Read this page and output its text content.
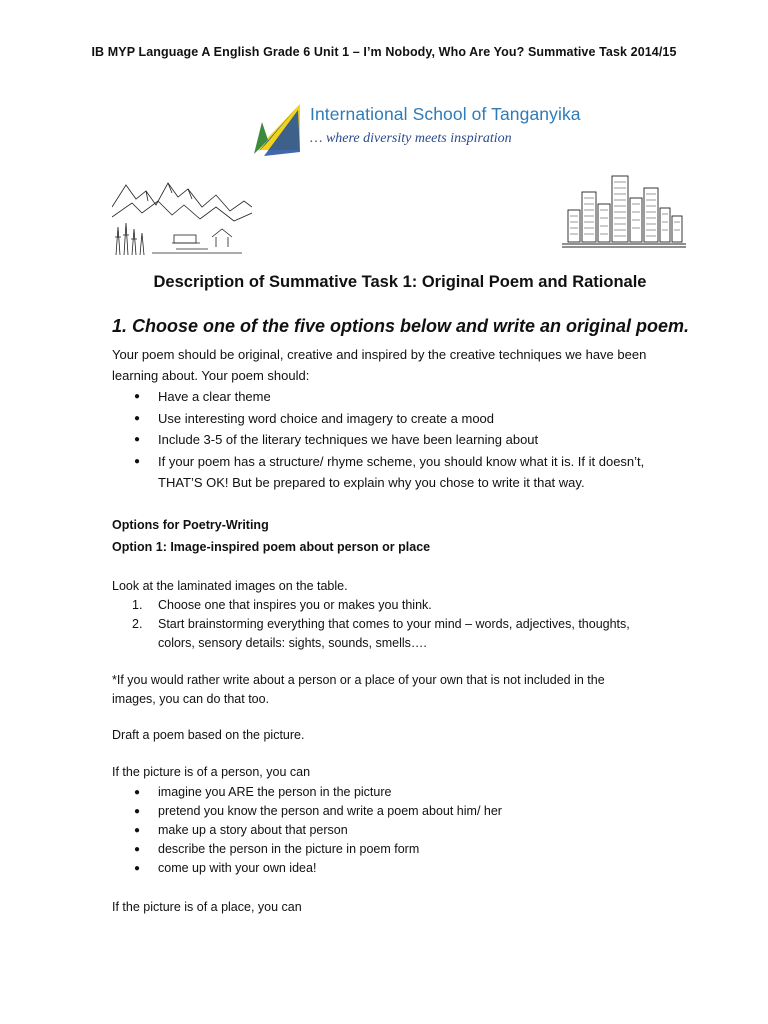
IB MYP Language A English Grade 6 Unit 1 – I’m Nobody, Who Are You? Summative Task 2014/15
International School of Tanganyika
… where diversity meets inspiration
Description of Summative Task 1: Original Poem and Rationale
1. Choose one of the five options below and write an original poem.
Your poem should be original, creative and inspired by the creative techniques we have been
learning about. Your poem should:
● Have a clear theme
● Use interesting word choice and imagery to create a mood
● Include 3-5 of the literary techniques we have been learning about
● If your poem has a structure/ rhyme scheme, you should know what it is. If it doesn’t,
THAT’S OK! But be prepared to explain why you chose to write it that way.
Options for Poetry-Writing
Option 1: Image-inspired poem about person or place
Look at the laminated images on the table.
1. Choose one that inspires you or makes you think.
2. Start brainstorming everything that comes to your mind – words, adjectives, thoughts,
colors, sensory details: sights, sounds, smells….
*If you would rather write about a person or a place of your own that is not included in the
images, you can do that too.
Draft a poem based on the picture.
If the picture is of a person, you can
● imagine you ARE the person in the picture
● pretend you know the person and write a poem about him/ her
● make up a story about that person
● describe the person in the picture in poem form
● come up with your own idea!
If the picture is of a place, you can
